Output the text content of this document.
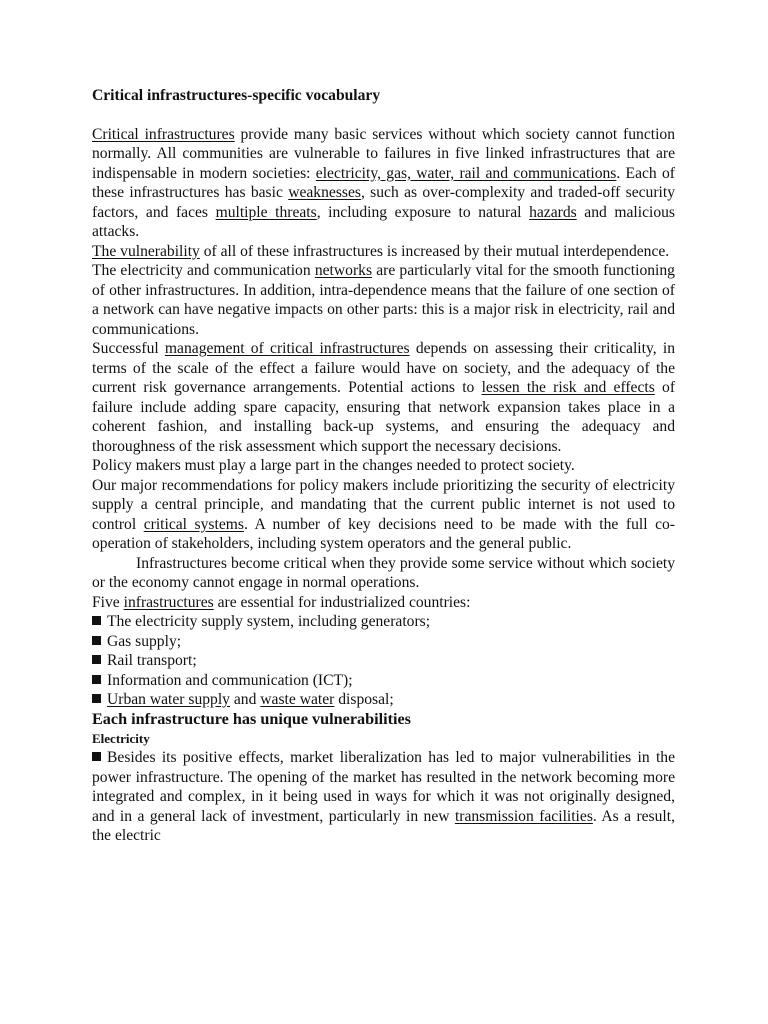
Critical infrastructures-specific vocabulary

Critical infrastructures provide many basic services without which society cannot function normally. All communities are vulnerable to failures in five linked infrastructures that are indispensable in modern societies: electricity, gas, water, rail and communications. Each of these infrastructures has basic weaknesses, such as over-complexity and traded-off security factors, and faces multiple threats, including exposure to natural hazards and malicious attacks.

The vulnerability of all of these infrastructures is increased by their mutual interdependence.

The electricity and communication networks are particularly vital for the smooth functioning of other infrastructures. In addition, intra-dependence means that the failure of one section of a network can have negative impacts on other parts: this is a major risk in electricity, rail and communications.

Successful management of critical infrastructures depends on assessing their criticality, in terms of the scale of the effect a failure would have on society, and the adequacy of the current risk governance arrangements. Potential actions to lessen the risk and effects of failure include adding spare capacity, ensuring that network expansion takes place in a coherent fashion, and installing back-up systems, and ensuring the adequacy and thoroughness of the risk assessment which support the necessary decisions.

Policy makers must play a large part in the changes needed to protect society.

Our major recommendations for policy makers include prioritizing the security of electricity supply a central principle, and mandating that the current public internet is not used to control critical systems. A number of key decisions need to be made with the full co-operation of stakeholders, including system operators and the general public.

Infrastructures become critical when they provide some service without which society or the economy cannot engage in normal operations.

Five infrastructures are essential for industrialized countries:

The electricity supply system, including generators;

Gas supply;

Rail transport;

Information and communication (ICT);

Urban water supply and waste water disposal;

Each infrastructure has unique vulnerabilities

Electricity

Besides its positive effects, market liberalization has led to major vulnerabilities in the power infrastructure. The opening of the market has resulted in the network becoming more integrated and complex, in it being used in ways for which it was not originally designed, and in a general lack of investment, particularly in new transmission facilities. As a result, the electric
